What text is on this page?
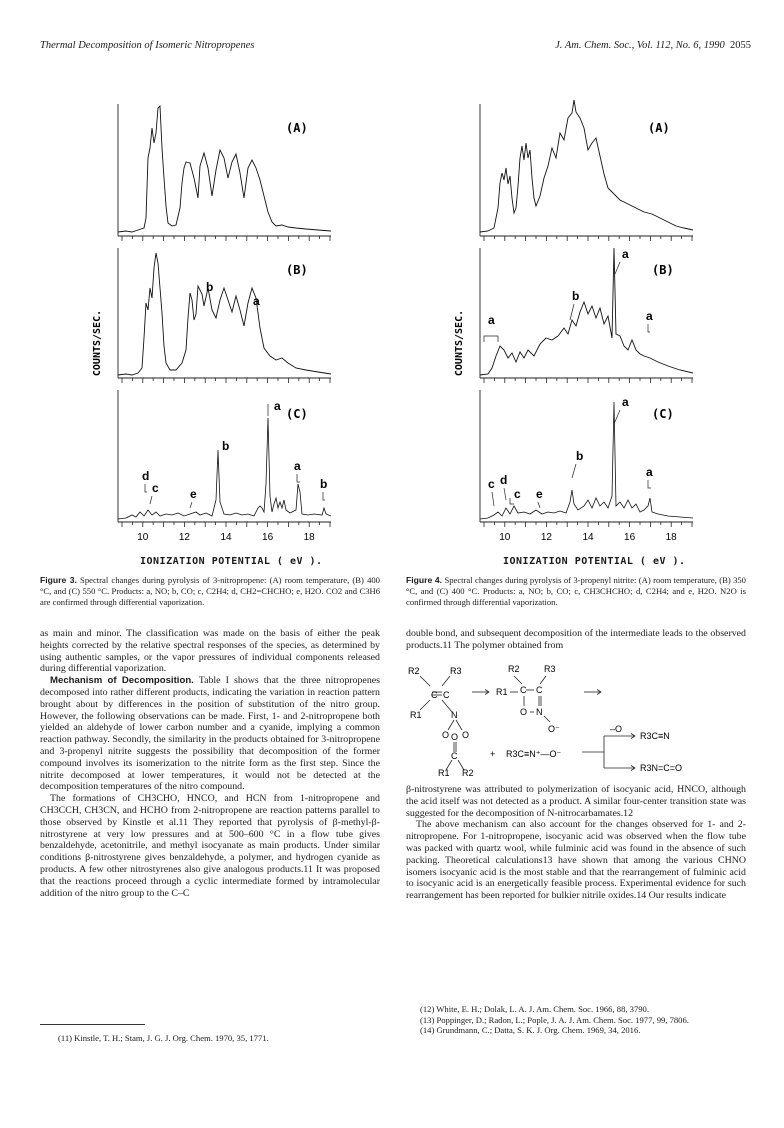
Thermal Decomposition of Isomeric Nitropropenes	J. Am. Chem. Soc., Vol. 112, No. 6, 1990 2055
COUNTS/SEC.
(A)
(B)
b
a
(C)
a
b
a
d
c	e
b
10	12	14	16	18
IONIZATION POTENTIAL ( eV ).
Figure 3. Spectral changes during pyrolysis of 3-nitropropene: (A) room temperature, (B) 400 °C, and (C) 550 °C. Products: a, NO; b, CO; c, C2H4; d, CH2=CHCHO; e, H2O. CO2 and C3H6 are confirmed through differential vaporization.
COUNTS/SEC.
(A)
(B)
a
b
a	a
(C)
a
b
a
c d
c e
10	12	14	16	18
IONIZATION POTENTIAL ( eV ).
Figure 4. Spectral changes during pyrolysis of 3-propenyl nitrite: (A) room temperature, (B) 350 °C, and (C) 400 °C. Products: a, NO; b, CO; c, CH3CHCHO; d, C2H4; and e, H2O. N2O is confirmed through differential vaporization.

as main and minor. The classification was made on the basis of either the peak heights corrected by the relative spectral responses of the species, as determined by using authentic samples, or the vapor pressures of individual components released during differential vaporization.

Mechanism of Decomposition. Table I shows that the three nitropropenes decomposed into rather different products, indicating the variation in reaction pattern brought about by differences in the position of substitution of the nitro group. However, the following observations can be made. First, 1- and 2-nitropropene both yielded an aldehyde of lower carbon number and a cyanide, implying a common reaction pathway. Secondly, the similarity in the products obtained for 3-nitropropene and 3-propenyl nitrite suggests the possibility that decomposition of the former compound involves its isomerization to the nitrite form as the first step. Since the nitrite decomposed at lower temperatures, it would not be detected at the decomposition temperatures of the nitro compound.

The formations of CH3CHO, HNCO, and HCN from 1-nitropropene and CH3CCH, CH3CN, and HCHO from 2-nitropropene are reaction patterns parallel to those observed by Kinstle et al.11 They reported that pyrolysis of β-methyl-β-nitrostyrene at very low pressures and at 500–600 °C in a flow tube gives benzaldehyde, acetonitrile, and methyl isocyanate as main products. Under similar conditions β-nitrostyrene gives benzaldehyde, a polymer, and hydrogen cyanide as products. A few other nitrostyrenes also give analogous products.11 It was proposed that the reactions proceed through a cyclic intermediate formed by intramolecular addition of the nitro group to the C–C

(11) Kinstle, T. H.; Stam, J. G. J. Org. Chem. 1970, 35, 1771.

double bond, and subsequent decomposition of the intermediate leads to the observed products.11 The polymer obtained from

R2	R3
C C
R1	N
O O
R2	R3
R1 C C
O N
O⁻
O
C
R1 R2
+ R3C≡N⁺—O⁻
–O
R3C≡N
R3N=C=O

β-nitrostyrene was attributed to polymerization of isocyanic acid, HNCO, although the acid itself was not detected as a product. A similar four-center transition state was suggested for the decomposition of N-nitrocarbamates.12

The above mechanism can also account for the changes observed for 1- and 2-nitropropene. For 1-nitropropene, isocyanic acid was observed when the flow tube was packed with quartz wool, while fulminic acid was found in the absence of such packing. Theoretical calculations13 have shown that among the various CHNO isomers isocyanic acid is the most stable and that the rearrangement of fulminic acid to isocyanic acid is an energetically feasible process. Experimental evidence for such rearrangement has been reported for bulkier nitrile oxides.14 Our results indicate

(12) White, E. H.; Dolak, L. A. J. Am. Chem. Soc. 1966, 88, 3790.
(13) Poppinger, D.; Radon, L.; Pople, J. A. J. Am. Chem. Soc. 1977, 99, 7806.
(14) Grundmann, C.; Datta, S. K. J. Org. Chem. 1969, 34, 2016.
